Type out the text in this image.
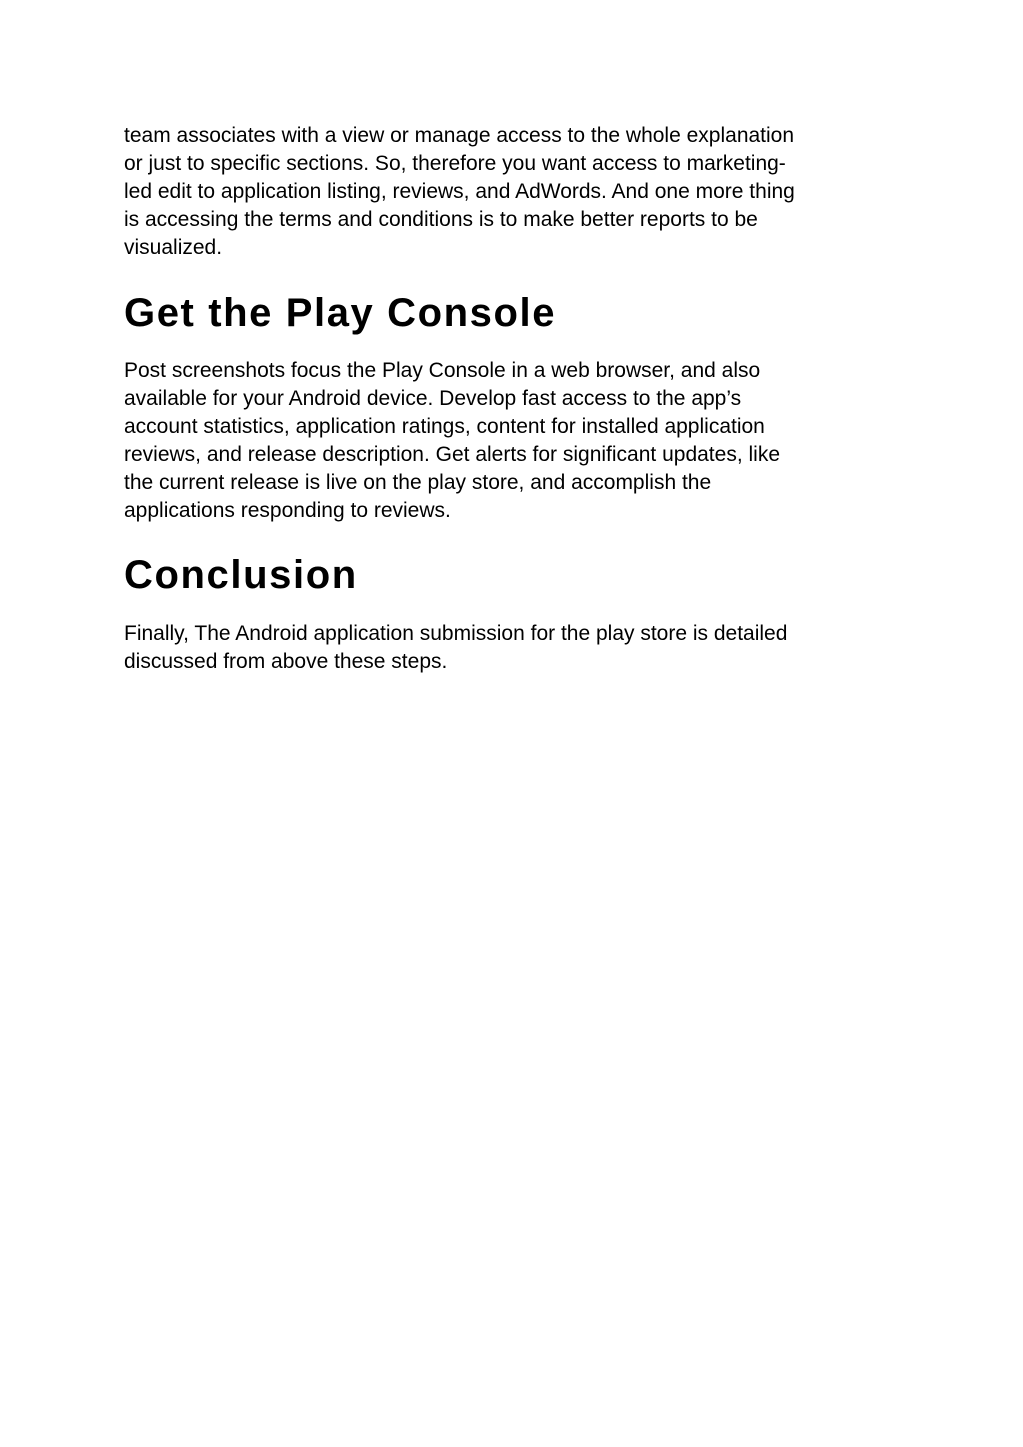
team associates with a view or manage access to the whole explanation
or just to specific sections. So, therefore you want access to marketing-
led edit to application listing, reviews, and AdWords. And one more thing
is accessing the terms and conditions is to make better reports to be
visualized.

Get the Play Console

Post screenshots focus the Play Console in a web browser, and also
available for your Android device. Develop fast access to the app’s
account statistics, application ratings, content for installed application
reviews, and release description. Get alerts for significant updates, like
the current release is live on the play store, and accomplish the
applications responding to reviews.

Conclusion

Finally, The Android application submission for the play store is detailed
discussed from above these steps.
